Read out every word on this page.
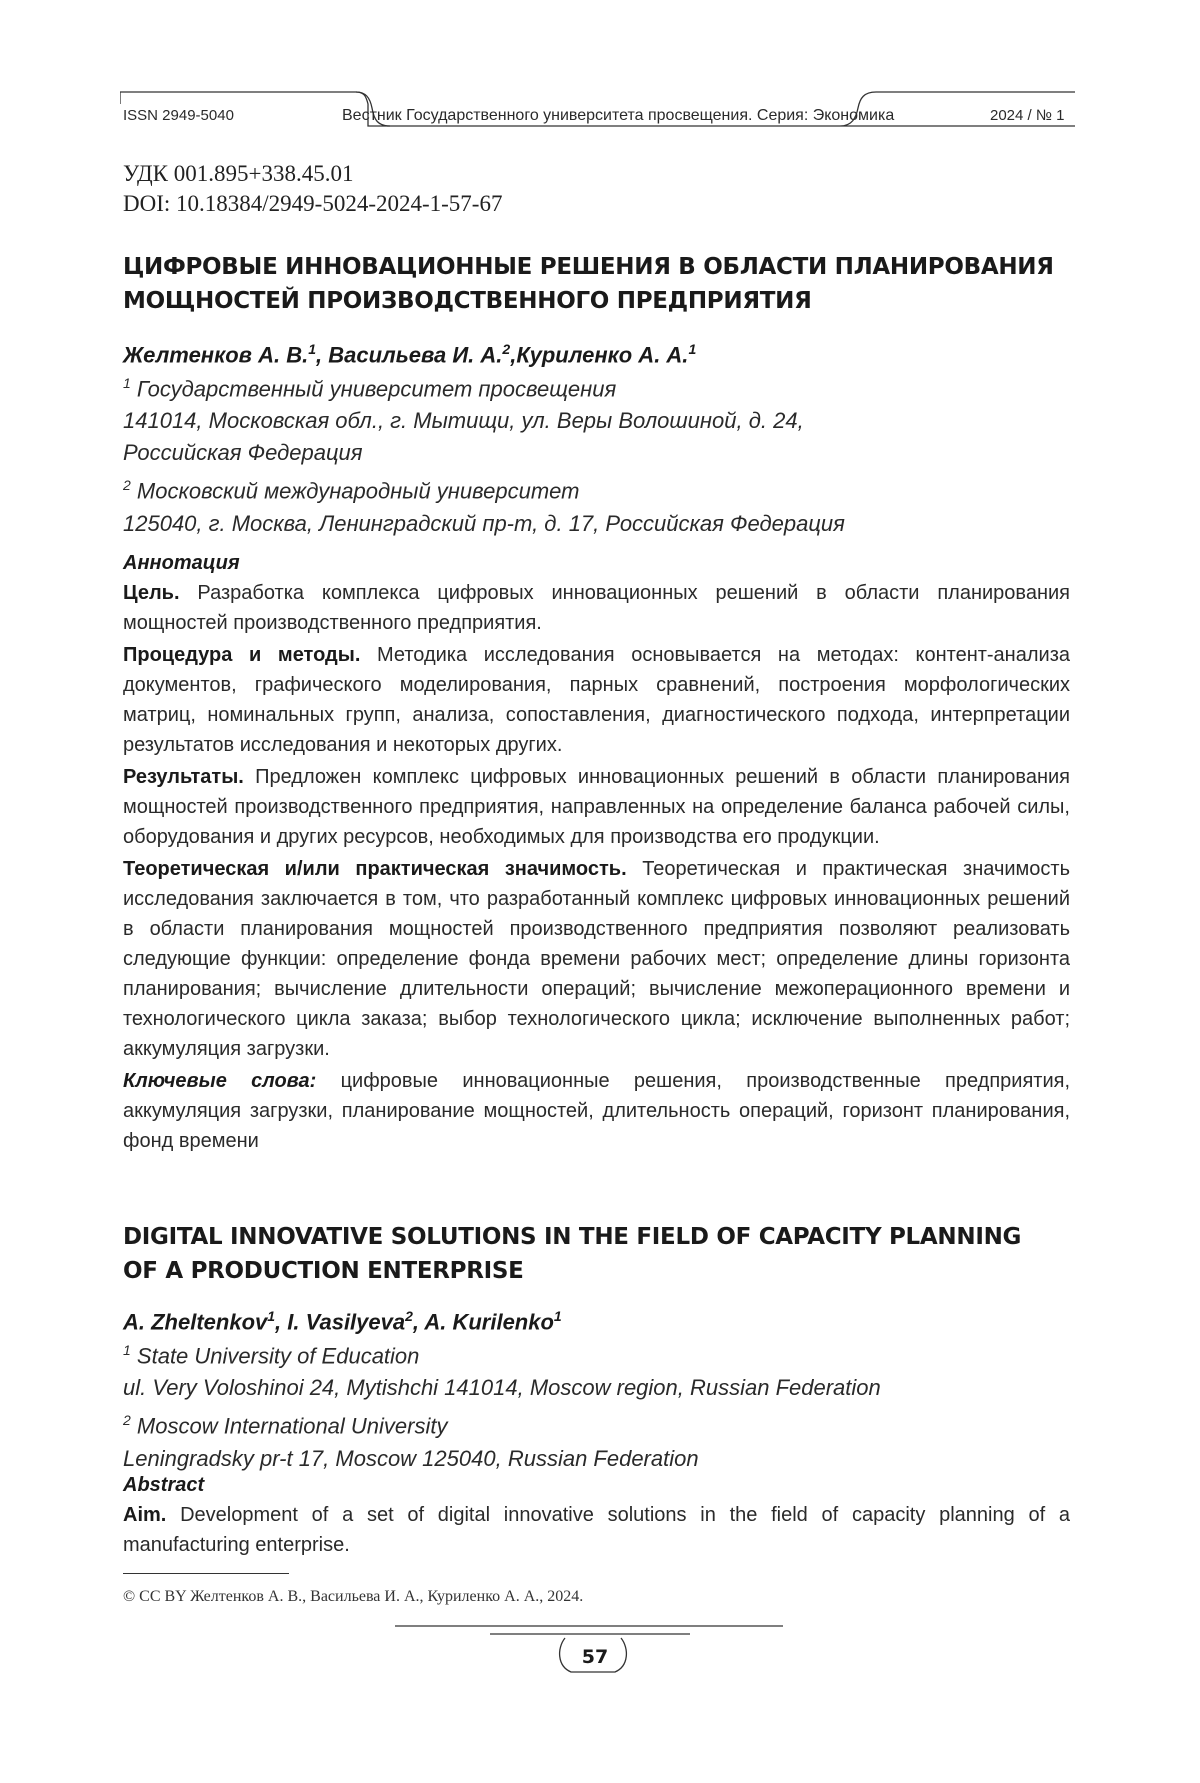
ISSN 2949-5040	Вестник Государственного университета просвещения. Серия: Экономика	2024 / № 1
УДК 001.895+338.45.01
DOI: 10.18384/2949-5024-2024-1-57-67
ЦИФРОВЫЕ ИННОВАЦИОННЫЕ РЕШЕНИЯ В ОБЛАСТИ ПЛАНИРОВАНИЯ
МОЩНОСТЕЙ ПРОИЗВОДСТВЕННОГО ПРЕДПРИЯТИЯ
Желтенков А. В.$^1$, Васильева И. А.$^2$,Куриленко А. А.$^1$
$^1$ Государственный университет просвещения
141014, Московская обл., г. Мытищи, ул. Веры Волошиной, д. 24,
Российская Федерация
$^2$ Московский международный университет
125040, г. Москва, Ленинградский пр-т, д. 17, Российская Федерация
Аннотация

Цель. Разработка комплекса цифровых инновационных решений в области планирования мощностей производственного предприятия.

Процедура и методы. Методика исследования основывается на методах: контент-анализа документов, графического моделирования, парных сравнений, построения морфологических матриц, номинальных групп, анализа, сопоставления, диагностического подхода, интерпретации результатов исследования и некоторых других.

Результаты. Предложен комплекс цифровых инновационных решений в области планирования мощностей производственного предприятия, направленных на определение баланса рабочей силы, оборудования и других ресурсов, необходимых для производства его продукции.

Теоретическая и/или практическая значимость. Теоретическая и практическая значимость исследования заключается в том, что разработанный комплекс цифровых инновационных решений в области планирования мощностей производственного предприятия позволяют реализовать следующие функции: определение фонда времени рабочих мест; определение длины горизонта планирования; вычисление длительности операций; вычисление межоперационного времени и технологического цикла заказа; выбор технологического цикла; исключение выполненных работ; аккумуляция загрузки.

Ключевые слова: цифровые инновационные решения, производственные предприятия, аккумуляция загрузки, планирование мощностей, длительность операций, горизонт планирования, фонд времени

DIGITAL INNOVATIVE SOLUTIONS IN THE FIELD OF CAPACITY PLANNING
OF A PRODUCTION ENTERPRISE
A. Zheltenkov$^1$, I. Vasilyeva$^2$, A. Kurilenko$^1$
$^1$ State University of Education
ul. Very Voloshinoi 24, Mytishchi 141014, Moscow region, Russian Federation
$^2$ Moscow International University
Leningradsky pr-t 17, Moscow 125040, Russian Federation
Abstract

Aim. Development of a set of digital innovative solutions in the field of capacity planning of a manufacturing enterprise.

© CC BY Желтенков А. В., Васильева И. А., Куриленко А. А., 2024.
57
